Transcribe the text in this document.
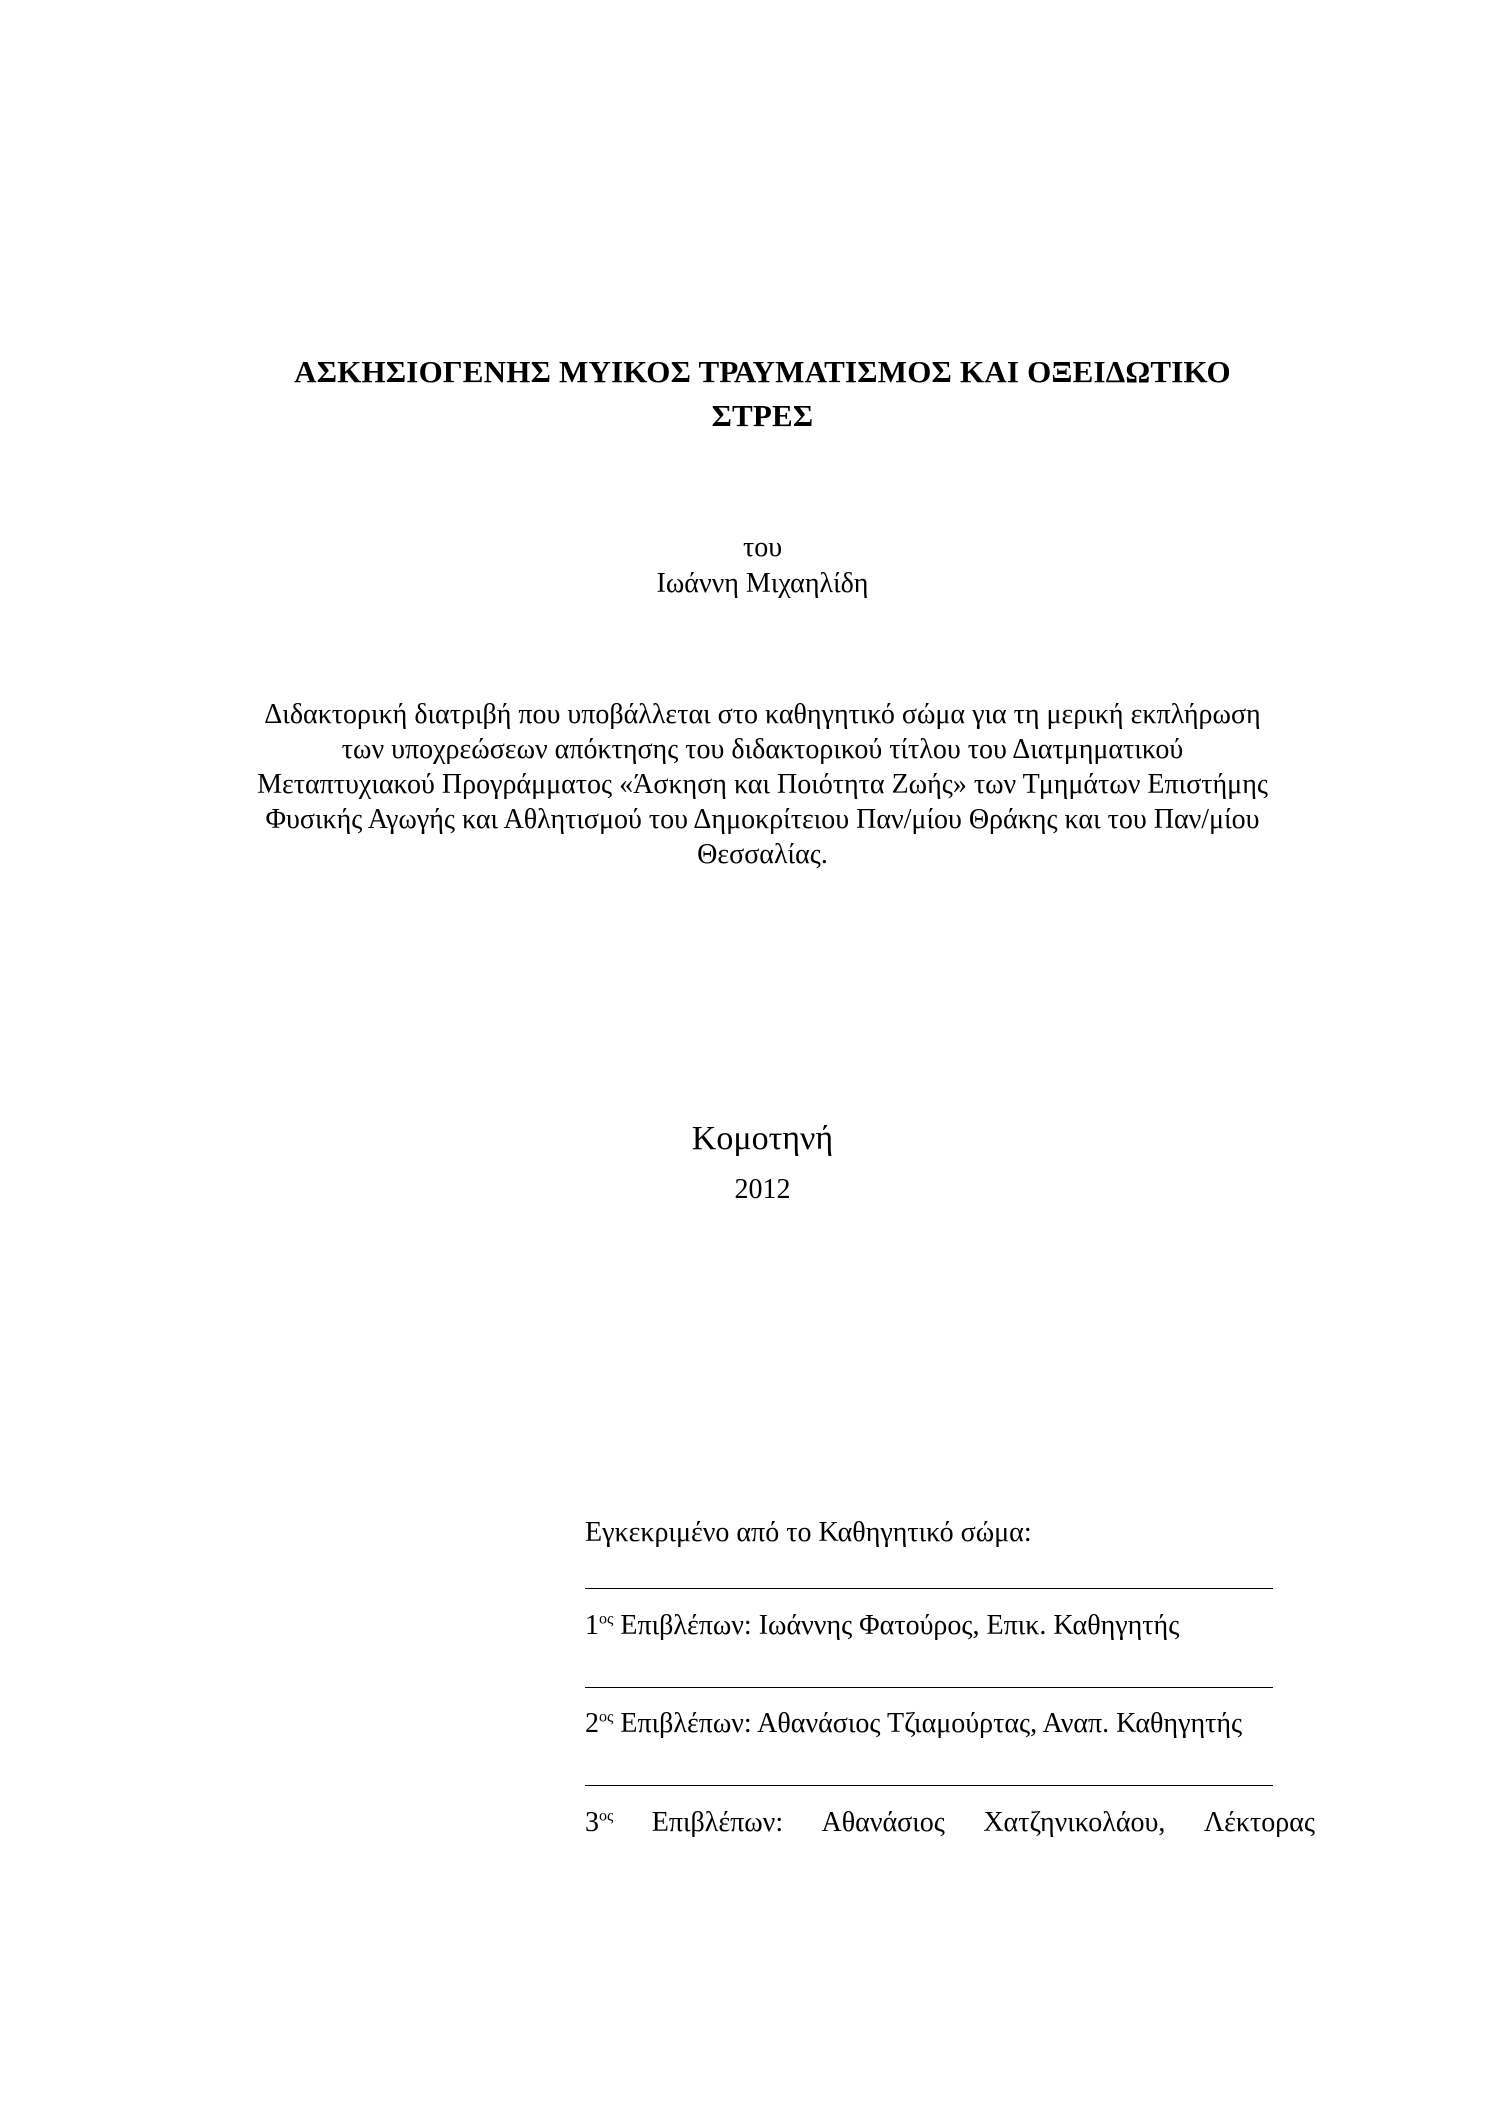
ΑΣΚΗΣΙΟΓΕΝΗΣ ΜΥΙΚΟΣ ΤΡΑΥΜΑΤΙΣΜΟΣ ΚΑΙ ΟΞΕΙΔΩΤΙΚΟ
ΣΤΡΕΣ
του
Ιωάννη Μιχαηλίδη
Διδακτορική διατριβή που υποβάλλεται στο καθηγητικό σώμα για τη μερική εκπλήρωση
των υποχρεώσεων απόκτησης του διδακτορικού τίτλου του Διατμηματικού
Μεταπτυχιακού Προγράμματος «Άσκηση και Ποιότητα Ζωής» των Τμημάτων Επιστήμης
Φυσικής Αγωγής και Αθλητισμού του Δημοκρίτειου Παν/μίου Θράκης και του Παν/μίου
Θεσσαλίας.
Κομοτηνή
2012
Εγκεκριμένο από το Καθηγητικό σώμα:
$1^{o\varsigma}$ Επιβλέπων: Ιωάννης Φατούρος, Επικ. Καθηγητής
$2^{o\varsigma}$ Επιβλέπων: Αθανάσιος Τζιαμούρτας, Αναπ. Καθηγητής
$3^{o\varsigma}$ Επιβλέπων: Αθανάσιος Χατζηνικολάου, Λέκτορας
